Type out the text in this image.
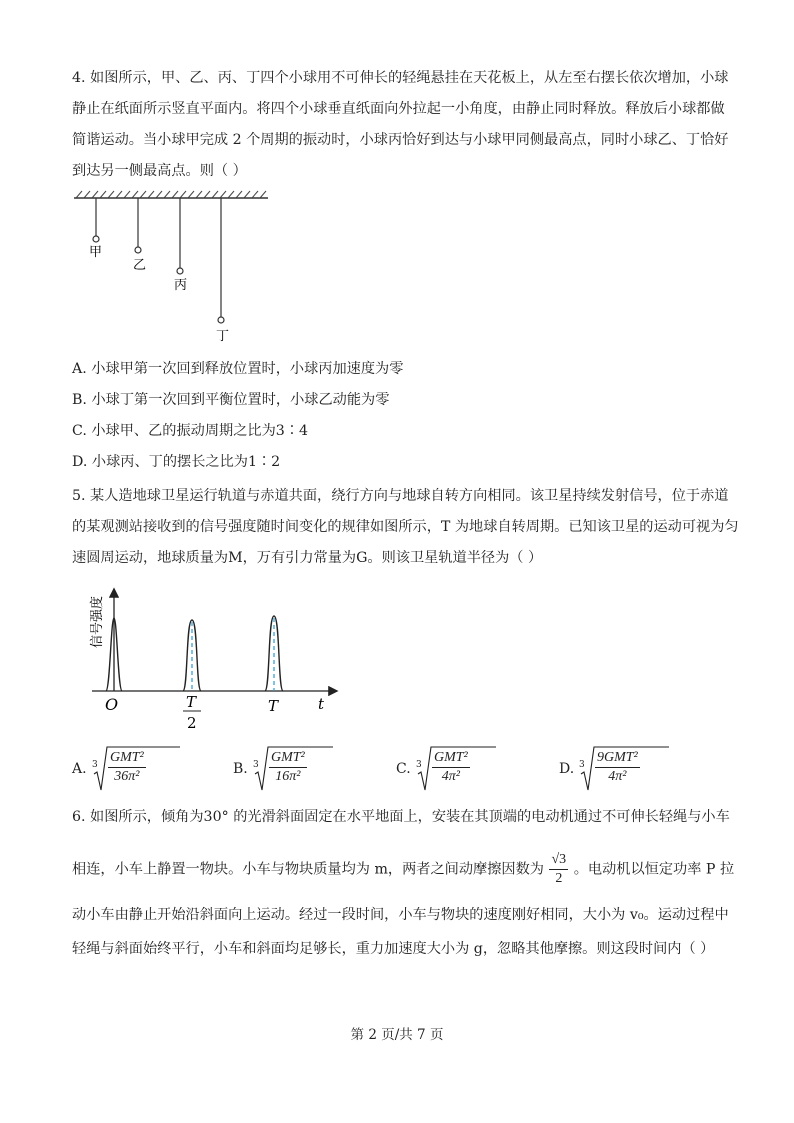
4. 如图所示，甲、乙、丙、丁四个小球用不可伸长的轻绳悬挂在天花板上，从左至右摆长依次增加，小球
静止在纸面所示竖直平面内。将四个小球垂直纸面向外拉起一小角度，由静止同时释放。释放后小球都做
简谐运动。当小球甲完成 2 个周期的振动时，小球丙恰好到达与小球甲同侧最高点，同时小球乙、丁恰好
到达另一侧最高点。则（ ）
甲
乙
丙
丁
A. 小球甲第一次回到释放位置时，小球丙加速度为零
B. 小球丁第一次回到平衡位置时，小球乙动能为零
C. 小球甲、乙的振动周期之比为3∶4
D. 小球丙、丁的摆长之比为1∶2
5. 某人造地球卫星运行轨道与赤道共面，绕行方向与地球自转方向相同。该卫星持续发射信号，位于赤道
的某观测站接收到的信号强度随时间变化的规律如图所示，T 为地球自转周期。已知该卫星的运动可视为匀
速圆周运动，地球质量为M，万有引力常量为G。则该卫星轨道半径为（ ）
信号强度
O	T
2
T	t
A. 3 GMT²
36π²	B. 3 GMT²
16π²	C. 3 GMT²
4π²	D. 3 9GMT²
4π²
6. 如图所示，倾角为30° 的光滑斜面固定在水平地面上，安装在其顶端的电动机通过不可伸长轻绳与小车
相连，小车上静置一物块。小车与物块质量均为 m，两者之间动摩擦因数为 $\frac{√3}{2}$ 。电动机以恒定功率 P 拉
动小车由静止开始沿斜面向上运动。经过一段时间，小车与物块的速度刚好相同，大小为 v₀。运动过程中
轻绳与斜面始终平行，小车和斜面均足够长，重力加速度大小为 g，忽略其他摩擦。则这段时间内（ ）
第 2 页/共 7 页
